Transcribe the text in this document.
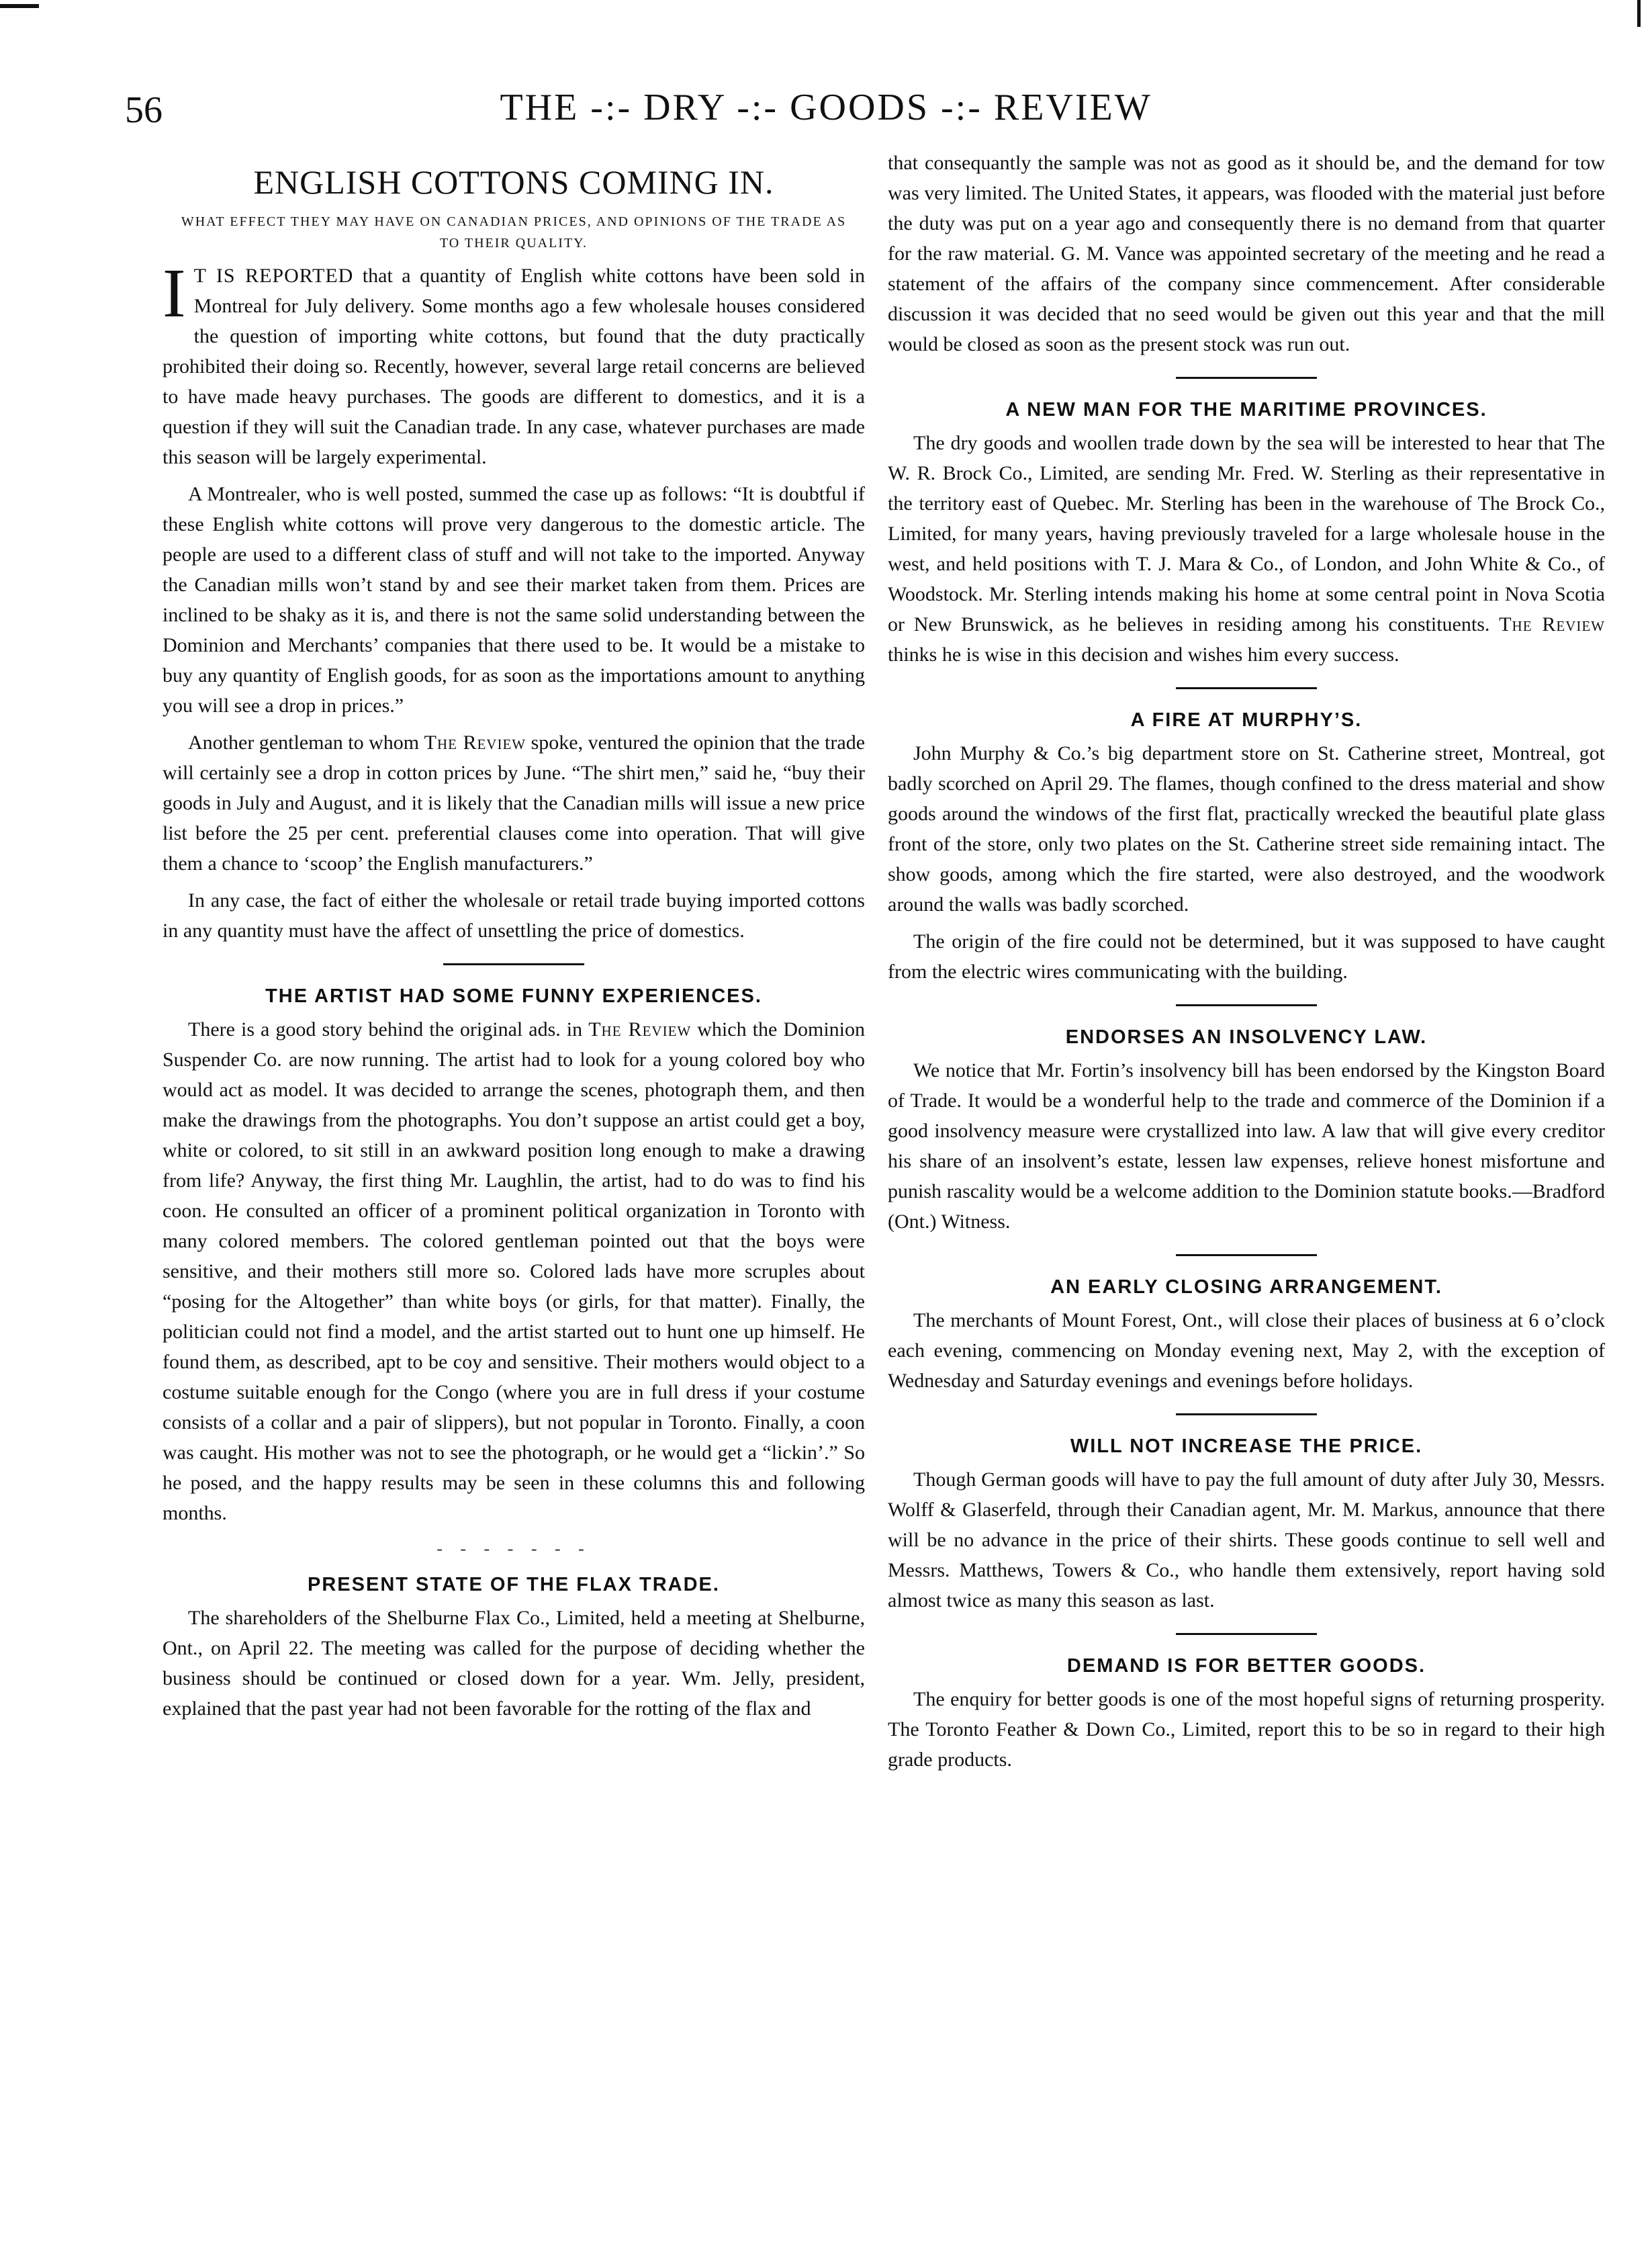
56	THE -:- DRY -:- GOODS -:- REVIEW
ENGLISH COTTONS COMING IN.
WHAT EFFECT THEY MAY HAVE ON CANADIAN PRICES, AND OPINIONS OF THE TRADE AS TO THEIR QUALITY.

I T IS REPORTED that a quantity of English white cottons have been sold in Montreal for July delivery. Some months ago a few wholesale houses considered the question of importing white cottons, but found that the duty practically prohibited their doing so. Recently, however, several large retail concerns are believed to have made heavy purchases. The goods are different to domestics, and it is a question if they will suit the Canadian trade. In any case, whatever purchases are made this season will be largely experimental.

A Montrealer, who is well posted, summed the case up as follows: “It is doubtful if these English white cottons will prove very dangerous to the domestic article. The people are used to a different class of stuff and will not take to the imported. Anyway the Canadian mills won’t stand by and see their market taken from them. Prices are inclined to be shaky as it is, and there is not the same solid understanding between the Dominion and Merchants’ companies that there used to be. It would be a mistake to buy any quantity of English goods, for as soon as the importations amount to anything you will see a drop in prices.”

Another gentleman to whom The Review spoke, ventured the opinion that the trade will certainly see a drop in cotton prices by June. “The shirt men,” said he, “buy their goods in July and August, and it is likely that the Canadian mills will issue a new price list before the 25 per cent. preferential clauses come into operation. That will give them a chance to ‘scoop’ the English manufacturers.”

In any case, the fact of either the wholesale or retail trade buying imported cottons in any quantity must have the affect of unsettling the price of domestics.

THE ARTIST HAD SOME FUNNY EXPERIENCES.

There is a good story behind the original ads. in The Review which the Dominion Suspender Co. are now running. The artist had to look for a young colored boy who would act as model. It was decided to arrange the scenes, photograph them, and then make the drawings from the photographs. You don’t suppose an artist could get a boy, white or colored, to sit still in an awkward position long enough to make a drawing from life? Anyway, the first thing Mr. Laughlin, the artist, had to do was to find his coon. He consulted an officer of a prominent political organization in Toronto with many colored members. The colored gentleman pointed out that the boys were sensitive, and their mothers still more so. Colored lads have more scruples about “posing for the Altogether” than white boys (or girls, for that matter). Finally, the politician could not find a model, and the artist started out to hunt one up himself. He found them, as described, apt to be coy and sensitive. Their mothers would object to a costume suitable enough for the Congo (where you are in full dress if your costume consists of a collar and a pair of slippers), but not popular in Toronto. Finally, a coon was caught. His mother was not to see the photograph, or he would get a “lickin’.” So he posed, and the happy results may be seen in these columns this and following months.

- - - - - - -
PRESENT STATE OF THE FLAX TRADE.

The shareholders of the Shelburne Flax Co., Limited, held a meeting at Shelburne, Ont., on April 22. The meeting was called for the purpose of deciding whether the business should be continued or closed down for a year. Wm. Jelly, president, explained that the past year had not been favorable for the rotting of the flax and

that consequantly the sample was not as good as it should be, and the demand for tow was very limited. The United States, it appears, was flooded with the material just before the duty was put on a year ago and consequently there is no demand from that quarter for the raw material. G. M. Vance was appointed secretary of the meeting and he read a statement of the affairs of the company since commencement. After considerable discussion it was decided that no seed would be given out this year and that the mill would be closed as soon as the present stock was run out.

A NEW MAN FOR THE MARITIME PROVINCES.

The dry goods and woollen trade down by the sea will be interested to hear that The W. R. Brock Co., Limited, are sending Mr. Fred. W. Sterling as their representative in the territory east of Quebec. Mr. Sterling has been in the warehouse of The Brock Co., Limited, for many years, having previously traveled for a large wholesale house in the west, and held positions with T. J. Mara & Co., of London, and John White & Co., of Woodstock. Mr. Sterling intends making his home at some central point in Nova Scotia or New Brunswick, as he believes in residing among his constituents. The Review thinks he is wise in this decision and wishes him every success.

A FIRE AT MURPHY’S.

John Murphy & Co.’s big department store on St. Catherine street, Montreal, got badly scorched on April 29. The flames, though confined to the dress material and show goods around the windows of the first flat, practically wrecked the beautiful plate glass front of the store, only two plates on the St. Catherine street side remaining intact. The show goods, among which the fire started, were also destroyed, and the woodwork around the walls was badly scorched.

The origin of the fire could not be determined, but it was supposed to have caught from the electric wires communicating with the building.

ENDORSES AN INSOLVENCY LAW.

We notice that Mr. Fortin’s insolvency bill has been endorsed by the Kingston Board of Trade. It would be a wonderful help to the trade and commerce of the Dominion if a good insolvency measure were crystallized into law. A law that will give every creditor his share of an insolvent’s estate, lessen law expenses, relieve honest misfortune and punish rascality would be a welcome addition to the Dominion statute books.—Bradford (Ont.) Witness.

AN EARLY CLOSING ARRANGEMENT.

The merchants of Mount Forest, Ont., will close their places of business at 6 o’clock each evening, commencing on Monday evening next, May 2, with the exception of Wednesday and Saturday evenings and evenings before holidays.

WILL NOT INCREASE THE PRICE.

Though German goods will have to pay the full amount of duty after July 30, Messrs. Wolff & Glaserfeld, through their Canadian agent, Mr. M. Markus, announce that there will be no advance in the price of their shirts. These goods continue to sell well and Messrs. Matthews, Towers & Co., who handle them extensively, report having sold almost twice as many this season as last.

DEMAND IS FOR BETTER GOODS.

The enquiry for better goods is one of the most hopeful signs of returning prosperity. The Toronto Feather & Down Co., Limited, report this to be so in regard to their high grade products.
